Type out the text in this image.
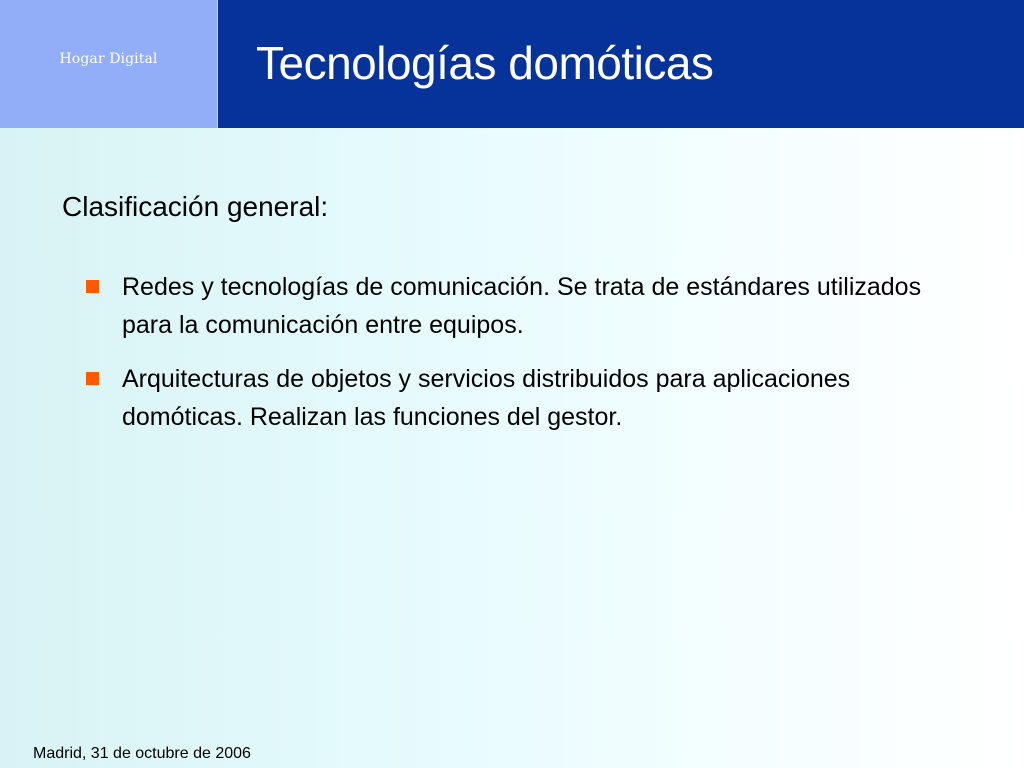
Hogar Digital	Tecnologías domóticas
Clasificación general:
Redes y tecnologías de comunicación. Se trata de estándares utilizados para la comunicación entre equipos.
Arquitecturas de objetos y servicios distribuidos para aplicaciones domóticas. Realizan las funciones del gestor.
Madrid, 31 de octubre de 2006
